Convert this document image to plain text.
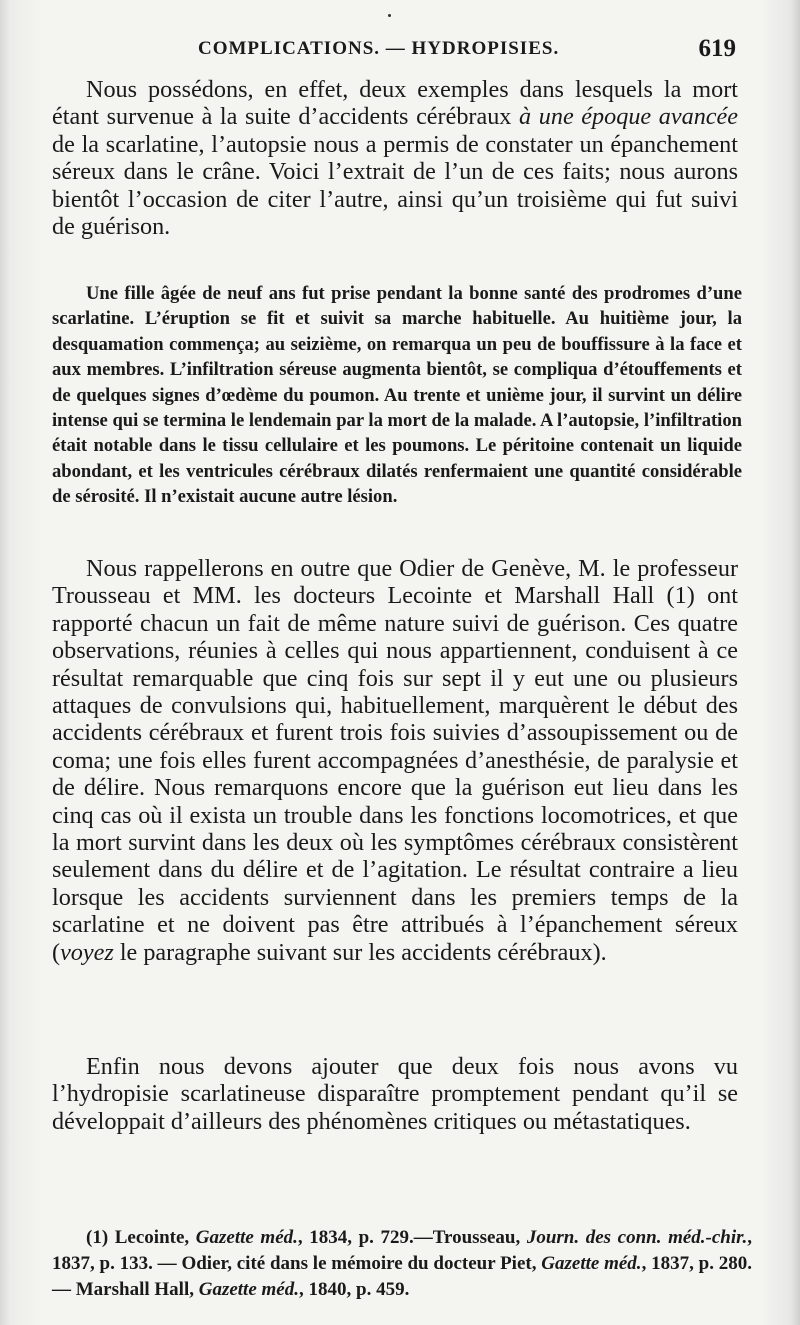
COMPLICATIONS. — HYDROPISIES.	619

Nous possédons, en effet, deux exemples dans lesquels la mort étant survenue à la suite d’accidents cérébraux à une époque avancée de la scarlatine, l’autopsie nous a permis de constater un épanchement séreux dans le crâne. Voici l’extrait de l’un de ces faits; nous aurons bientôt l’occasion de citer l’autre, ainsi qu’un troisième qui fut suivi de guérison.

Une fille âgée de neuf ans fut prise pendant la bonne santé des prodromes d’une scarlatine. L’éruption se fit et suivit sa marche habituelle. Au huitième jour, la desquamation commença; au seizième, on remarqua un peu de bouffissure à la face et aux membres. L’infiltration séreuse augmenta bientôt, se compliqua d’étouffements et de quelques signes d’œdème du poumon. Au trente et unième jour, il survint un délire intense qui se termina le lendemain par la mort de la malade. A l’autopsie, l’infiltration était notable dans le tissu cellulaire et les poumons. Le péritoine contenait un liquide abondant, et les ventricules cérébraux dilatés renfermaient une quantité considérable de sérosité. Il n’existait aucune autre lésion.

Nous rappellerons en outre que Odier de Genève, M. le professeur Trousseau et MM. les docteurs Lecointe et Marshall Hall (1) ont rapporté chacun un fait de même nature suivi de guérison. Ces quatre observations, réunies à celles qui nous appartiennent, conduisent à ce résultat remarquable que cinq fois sur sept il y eut une ou plusieurs attaques de convulsions qui, habituellement, marquèrent le début des accidents cérébraux et furent trois fois suivies d’assoupissement ou de coma; une fois elles furent accompagnées d’anesthésie, de paralysie et de délire. Nous remarquons encore que la guérison eut lieu dans les cinq cas où il exista un trouble dans les fonctions locomotrices, et que la mort survint dans les deux où les symptômes cérébraux consistèrent seulement dans du délire et de l’agitation. Le résultat contraire a lieu lorsque les accidents surviennent dans les premiers temps de la scarlatine et ne doivent pas être attribués à l’épanchement séreux (voyez le paragraphe suivant sur les accidents cérébraux).

Enfin nous devons ajouter que deux fois nous avons vu l’hydropisie scarlatineuse disparaître promptement pendant qu’il se développait d’ailleurs des phénomènes critiques ou métastatiques.

(1) Lecointe, Gazette méd., 1834, p. 729.—Trousseau, Journ. des conn. méd.-chir., 1837, p. 133. — Odier, cité dans le mémoire du docteur Piet, Gazette méd., 1837, p. 280. — Marshall Hall, Gazette méd., 1840, p. 459.
